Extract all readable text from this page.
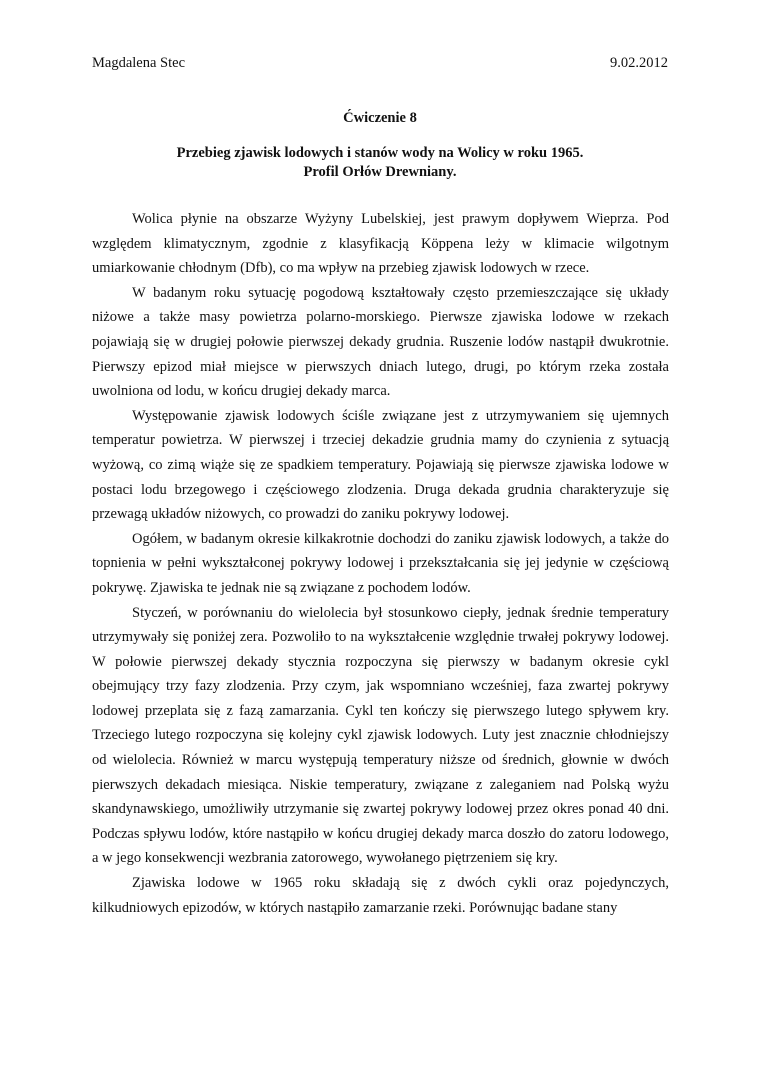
Magdalena Stec	9.02.2012
Ćwiczenie 8
Przebieg zjawisk lodowych i stanów wody na Wolicy w roku 1965.
Profil Orłów Drewniany.

Wolica płynie na obszarze Wyżyny Lubelskiej, jest prawym dopływem Wieprza. Pod względem klimatycznym, zgodnie z klasyfikacją Köppena leży w klimacie wilgotnym umiarkowanie chłodnym (Dfb), co ma wpływ na przebieg zjawisk lodowych w rzece.

W badanym roku sytuację pogodową kształtowały często przemieszczające się układy niżowe a także masy powietrza polarno-morskiego. Pierwsze zjawiska lodowe w rzekach pojawiają się w drugiej połowie pierwszej dekady grudnia. Ruszenie lodów nastąpił dwukrotnie. Pierwszy epizod miał miejsce w pierwszych dniach lutego, drugi, po którym rzeka została uwolniona od lodu, w końcu drugiej dekady marca.

Występowanie zjawisk lodowych ściśle związane jest z utrzymywaniem się ujemnych temperatur powietrza. W pierwszej i trzeciej dekadzie grudnia mamy do czynienia z sytuacją wyżową, co zimą wiąże się ze spadkiem temperatury. Pojawiają się pierwsze zjawiska lodowe w postaci lodu brzegowego i częściowego zlodzenia. Druga dekada grudnia charakteryzuje się przewagą układów niżowych, co prowadzi do zaniku pokrywy lodowej.

Ogółem, w badanym okresie kilkakrotnie dochodzi do zaniku zjawisk lodowych, a także do topnienia w pełni wykształconej pokrywy lodowej i przekształcania się jej jedynie w częściową pokrywę. Zjawiska te jednak nie są związane z pochodem lodów.

Styczeń, w porównaniu do wielolecia był stosunkowo ciepły, jednak średnie temperatury utrzymywały się poniżej zera. Pozwoliło to na wykształcenie względnie trwałej pokrywy lodowej. W połowie pierwszej dekady stycznia rozpoczyna się pierwszy w badanym okresie cykl obejmujący trzy fazy zlodzenia. Przy czym, jak wspomniano wcześniej, faza zwartej pokrywy lodowej przeplata się z fazą zamarzania. Cykl ten kończy się pierwszego lutego spływem kry. Trzeciego lutego rozpoczyna się kolejny cykl zjawisk lodowych. Luty jest znacznie chłodniejszy od wielolecia. Również w marcu występują temperatury niższe od średnich, głownie w dwóch pierwszych dekadach miesiąca. Niskie temperatury, związane z zaleganiem nad Polską wyżu skandynawskiego, umożliwiły utrzymanie się zwartej pokrywy lodowej przez okres ponad 40 dni. Podczas spływu lodów, które nastąpiło w końcu drugiej dekady marca doszło do zatoru lodowego, a w jego konsekwencji wezbrania zatorowego, wywołanego piętrzeniem się kry.

Zjawiska lodowe w 1965 roku składają się z dwóch cykli oraz pojedynczych, kilkudniowych epizodów, w których nastąpiło zamarzanie rzeki. Porównując badane stany
